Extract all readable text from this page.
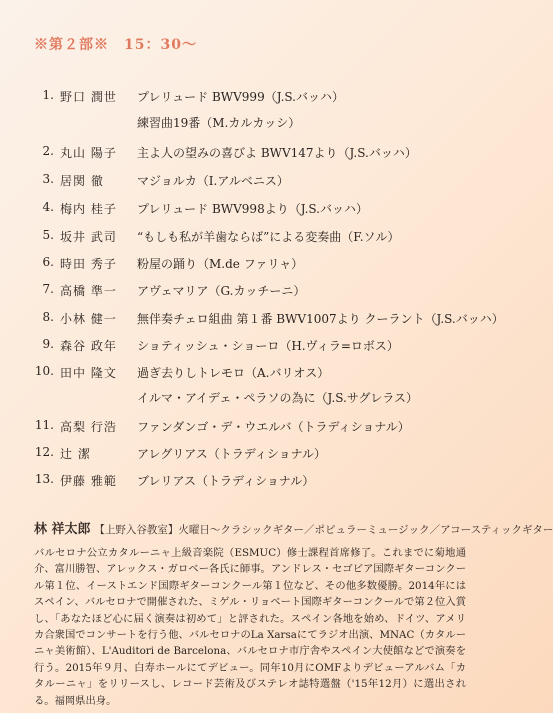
※第２部※　15：30〜
1. 野口 潤世	プレリュード BWV999（J.S.バッハ）
練習曲19番（M.カルカッシ）
2. 丸山 陽子	主よ人の望みの喜びよ BWV147より（J.S.バッハ）
3. 居関 徹	マジョルカ（I.アルベニス）
4. 梅内 桂子	プレリュード BWV998より（J.S.バッハ）
5. 坂井 武司	“もしも私が羊歯ならば”による変奏曲（F.ソル）
6. 時田 秀子	粉屋の踊り（M.de ファリャ）
7. 高橋 準一	アヴェマリア（G.カッチーニ）
8. 小林 健一	無伴奏チェロ組曲 第１番 BWV1007より クーラント（J.S.バッハ）
9. 森谷 政年	ショティッシュ・ショーロ（H.ヴィラ=ロボス）
10. 田中 隆文	過ぎ去りしトレモロ（A.バリオス）
イルマ・アイデェ・ペラソの為に（J.S.サグレラス）
11. 高梨 行浩	ファンダンゴ・デ・ウエルバ（トラディショナル）
12. 辻 潔	アレグリアス（トラディショナル）
13. 伊藤 雅範	ブレリアス（トラディショナル）
林 祥太郎 【上野入谷教室】火曜日〜クラシックギター／ポピュラーミュージック／アコースティックギター
バルセロナ公立カタルーニャ上級音楽院（ESMUC）修士課程首席修了。これまでに菊地通介、富川勝智、アレックス・ガロベー各氏に師事。アンドレス・セゴビア国際ギターコンクール第１位、イーストエンド国際ギターコンクール第１位など、その他多数優勝。2014年にはスペイン、バルセロナで開催された、ミゲル・リョベート国際ギターコンクールで第２位入賞し、「あなたほど心に届く演奏は初めて」と評された。スペイン各地を始め、ドイツ、アメリカ合衆国でコンサートを行う他、バルセロナのLa Xarsaにてラジオ出演、MNAC（カタルーニャ美術館）、L'Auditori de Barcelona、バルセロナ市庁舎やスペイン大使館などで演奏を行う。2015年９月、白寿ホールにてデビュー。同年10月にOMFよりデビューアルバム「カタルーニャ」をリリースし、レコード芸術及びステレオ誌特選盤（'15年12月）に選出される。福岡県出身。
